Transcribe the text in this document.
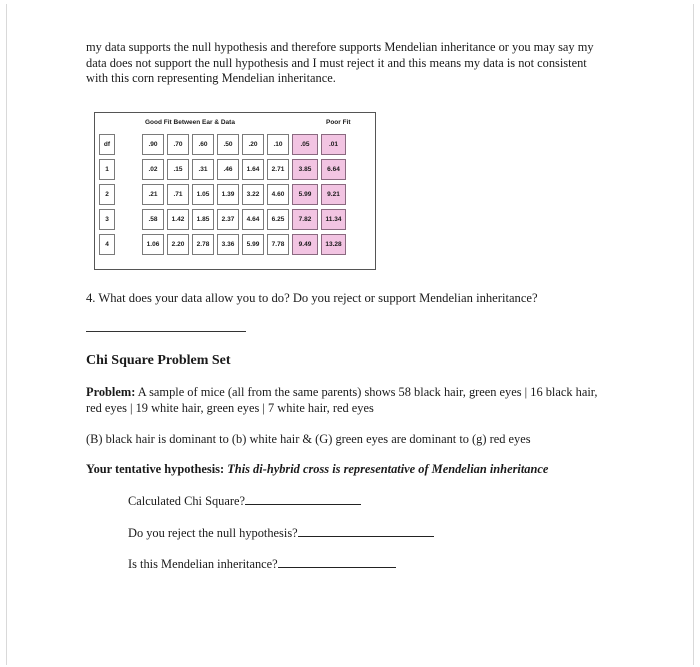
my data supports the null hypothesis and therefore supports Mendelian inheritance or you may say my data does not support the null hypothesis and I must reject it and this means my data is not consistent with this corn representing Mendelian inheritance.

Good Fit Between Ear & Data	Poor Fit
df	.90	.70	.60	.50	.20	.10	.05	.01
1	.02	.15	.31	.46	1.64	2.71	3.85	6.64
2	.21	.71	1.05	1.39	3.22	4.60	5.99	9.21
3	.58	1.42	1.85	2.37	4.64	6.25	7.82	11.34
4	1.06	2.20	2.78	3.36	5.99	7.78	9.49	13.28
4. What does your data allow you to do? Do you reject or support Mendelian inheritance?
Chi Square Problem Set

Problem: A sample of mice (all from the same parents) shows 58 black hair, green eyes | 16 black hair, red eyes | 19 white hair, green eyes | 7 white hair, red eyes

(B) black hair is dominant to (b) white hair & (G) green eyes are dominant to (g) red eyes
Your tentative hypothesis: This di-hybrid cross is representative of Mendelian inheritance
Calculated Chi Square?
Do you reject the null hypothesis?
Is this Mendelian inheritance?
